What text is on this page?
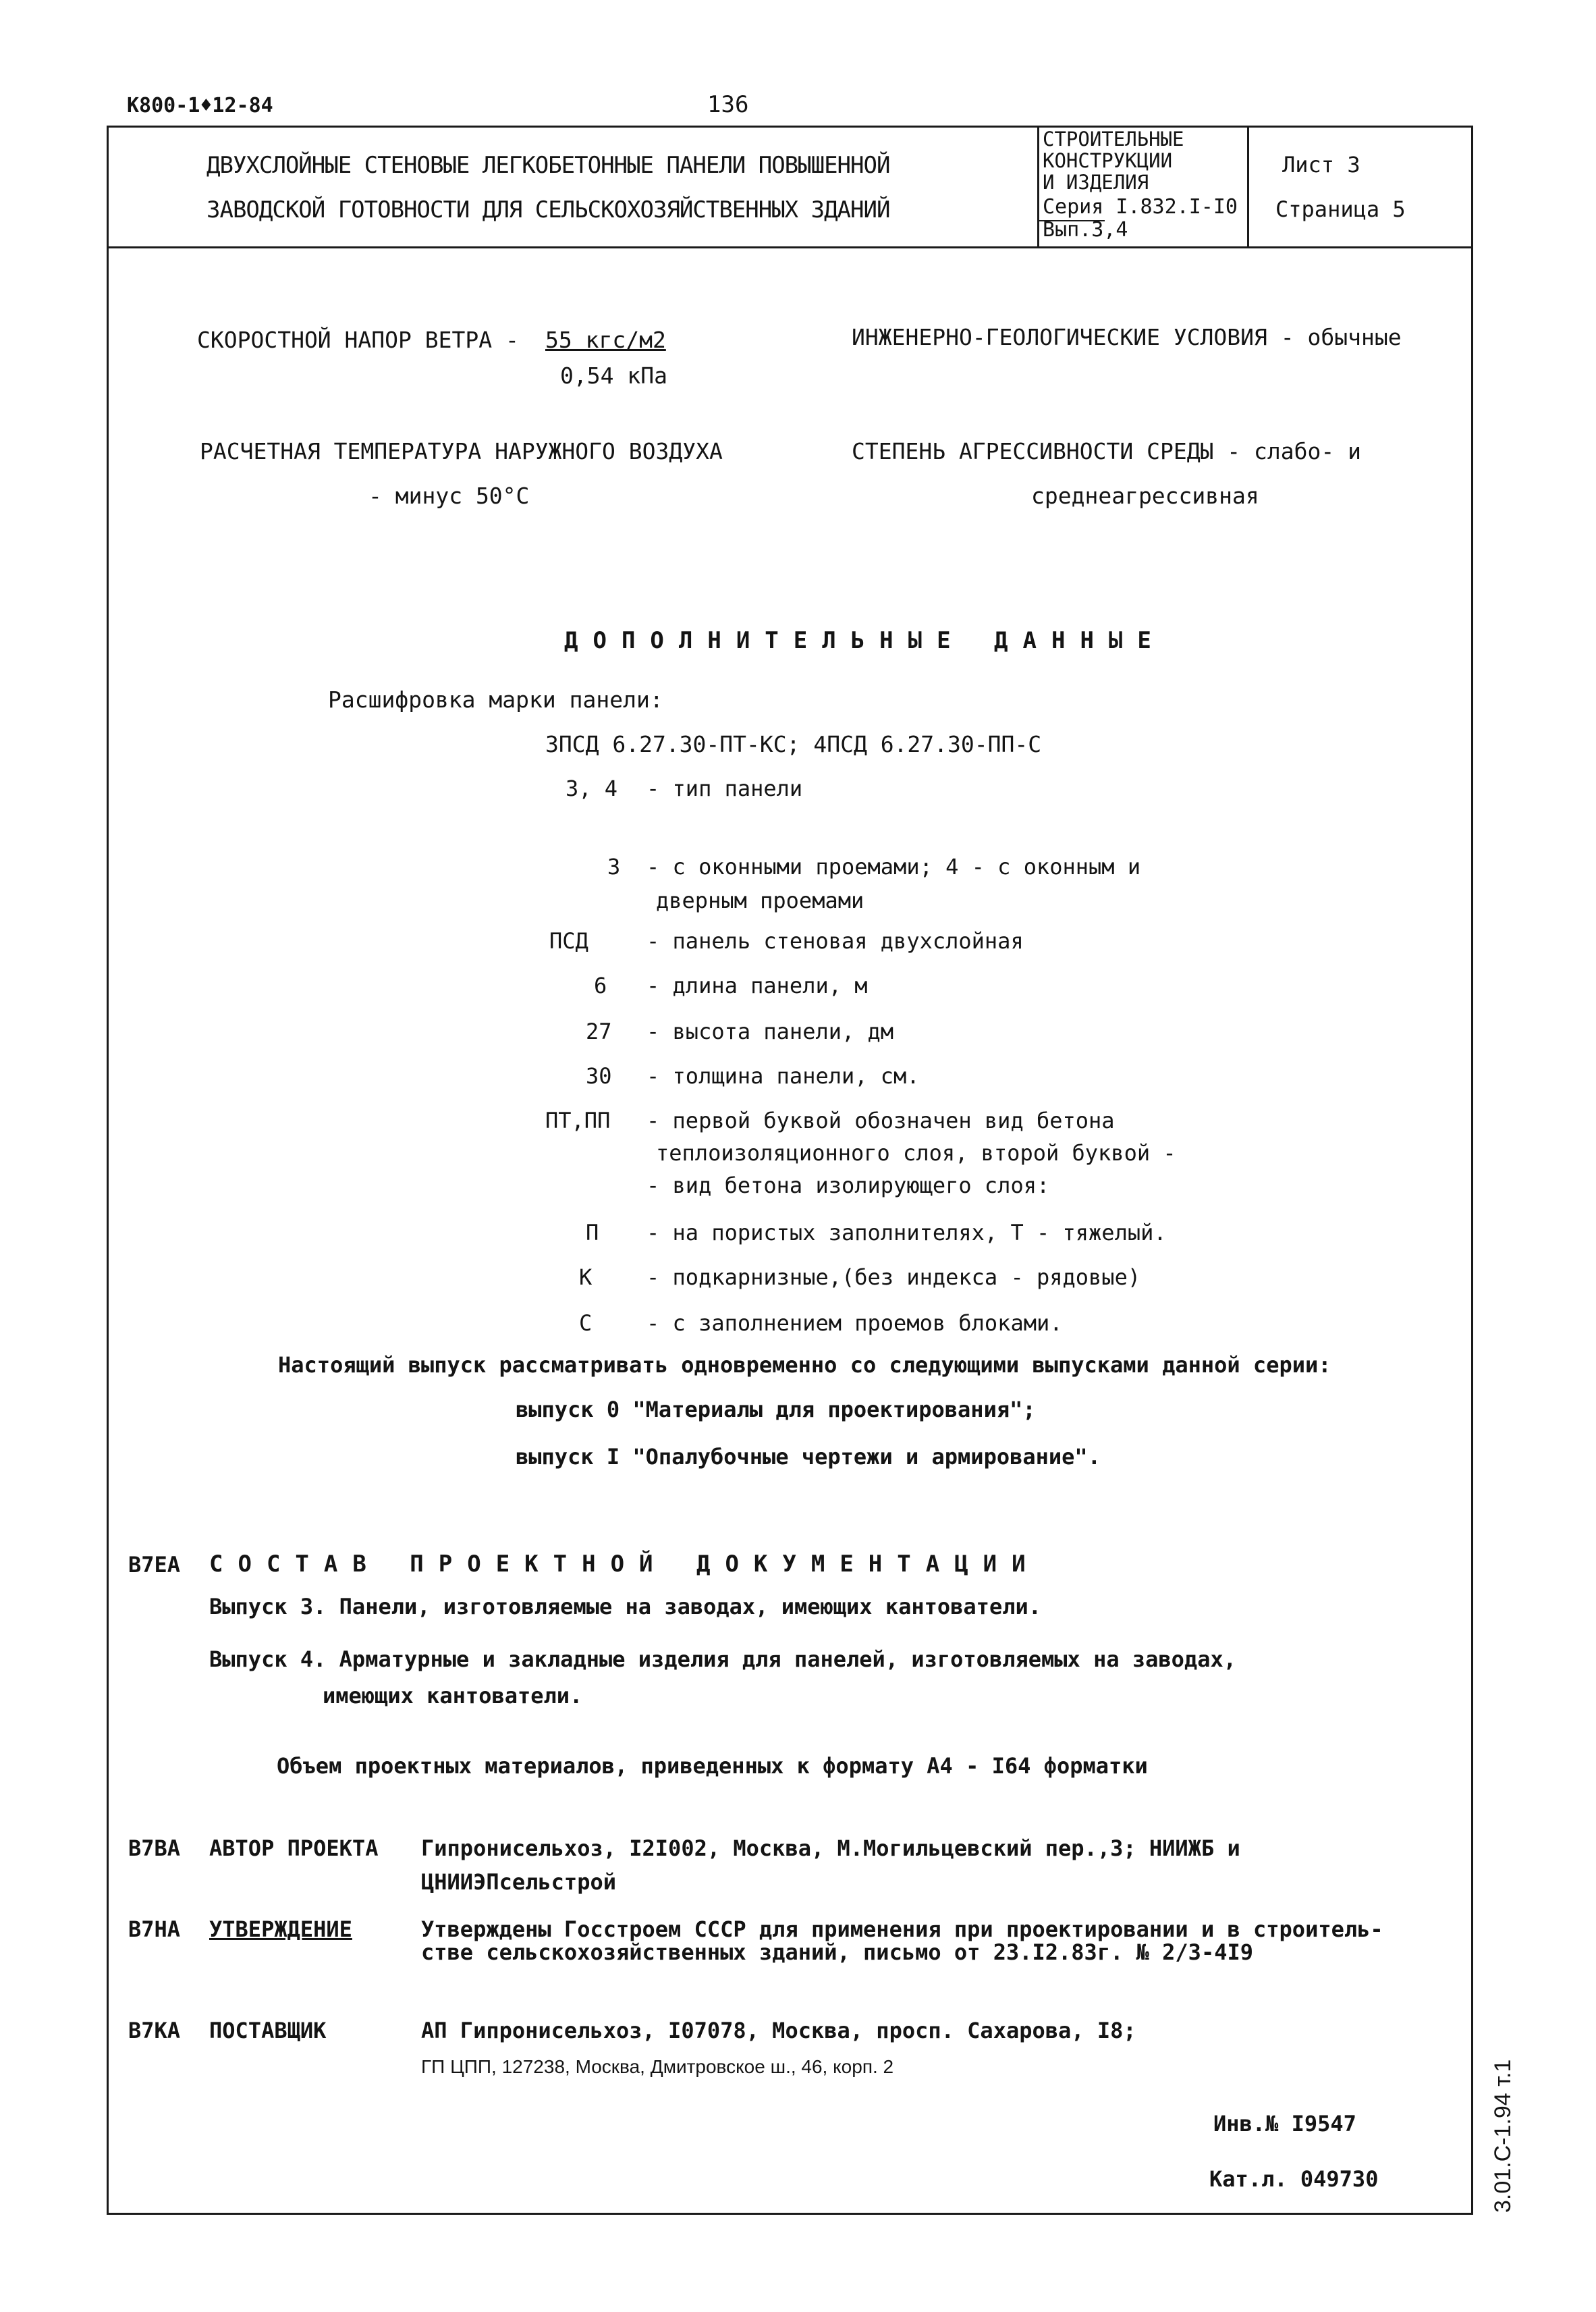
К800-1♦12-84	136
ДВУХСЛОЙНЫЕ СТЕНОВЫЕ ЛЕГКОБЕТОННЫЕ ПАНЕЛИ ПОВЫШЕННОЙ
ЗАВОДСКОЙ ГОТОВНОСТИ ДЛЯ СЕЛЬСКОХОЗЯЙСТВЕННЫХ ЗДАНИЙ
СТРОИТЕЛЬНЫЕ
КОНСТРУКЦИИ
И ИЗДЕЛИЯ
Серия I.832.I-I0
Вып.3,4
Лист 3
Страница 5
СКОРОСТНОЙ НАПОР ВЕТРА - 55 кгс/м2
0,54 кПа
ИНЖЕНЕРНО-ГЕОЛОГИЧЕСКИЕ УСЛОВИЯ - обычные
РАСЧЕТНАЯ ТЕМПЕРАТУРА НАРУЖНОГО ВОЗДУХА
- минус 50°С
СТЕПЕНЬ АГРЕССИВНОСТИ СРЕДЫ - слабо- и
среднеагрессивная
ДОПОЛНИТЕЛЬНЫЕ ДАННЫЕ
Расшифровка марки панели:
3ПСД 6.27.30-ПТ-КС; 4ПСД 6.27.30-ПП-С
3, 4 - тип панели
3 - с оконными проемами; 4 - с оконным и
дверным проемами
ПСД	- панель стеновая двухслойная
6 - длина панели, м
27 - высота панели, дм
30 - толщина панели, см.
ПТ,ПП - первой буквой обозначен вид бетона
теплоизоляционного слоя, второй буквой -
- вид бетона изолирующего слоя:
П - на пористых заполнителях, Т - тяжелый.
К	- подкарнизные,(без индекса - рядовые)
С	- с заполнением проемов блоками.
Настоящий выпуск рассматривать одновременно со следующими выпусками данной серии:
выпуск 0 "Материалы для проектирования";
выпуск I "Опалубочные чертежи и армирование".
В7ЕА СОСТАВ ПРОЕКТНОЙ ДОКУМЕНТАЦИИ
Выпуск 3. Панели, изготовляемые на заводах, имеющих кантователи.
Выпуск 4. Арматурные и закладные изделия для панелей, изготовляемых на заводах,
имеющих кантователи.
Объем проектных материалов, приведенных к формату А4 - I64 форматки
В7ВА АВТОР ПРОЕКТА Гипронисельхоз, I2I002, Москва, М.Могильцевский пер.,3; НИИЖБ и
ЦНИИЭПсельстрой
В7НА УТВЕРЖДЕНИЕ	Утверждены Госстроем СССР для применения при проектировании и в строитель-
стве сельскохозяйственных зданий, письмо от 23.I2.83г. № 2/3-4I9
В7КА ПОСТАВЩИК	АП Гипронисельхоз, I07078, Москва, просп. Сахарова, I8;
ГП ЦПП, 127238, Москва, Дмитровское ш., 46, корп. 2
Инв.№ I9547
Кат.л. 049730	3.01.С-1.94 т.1
